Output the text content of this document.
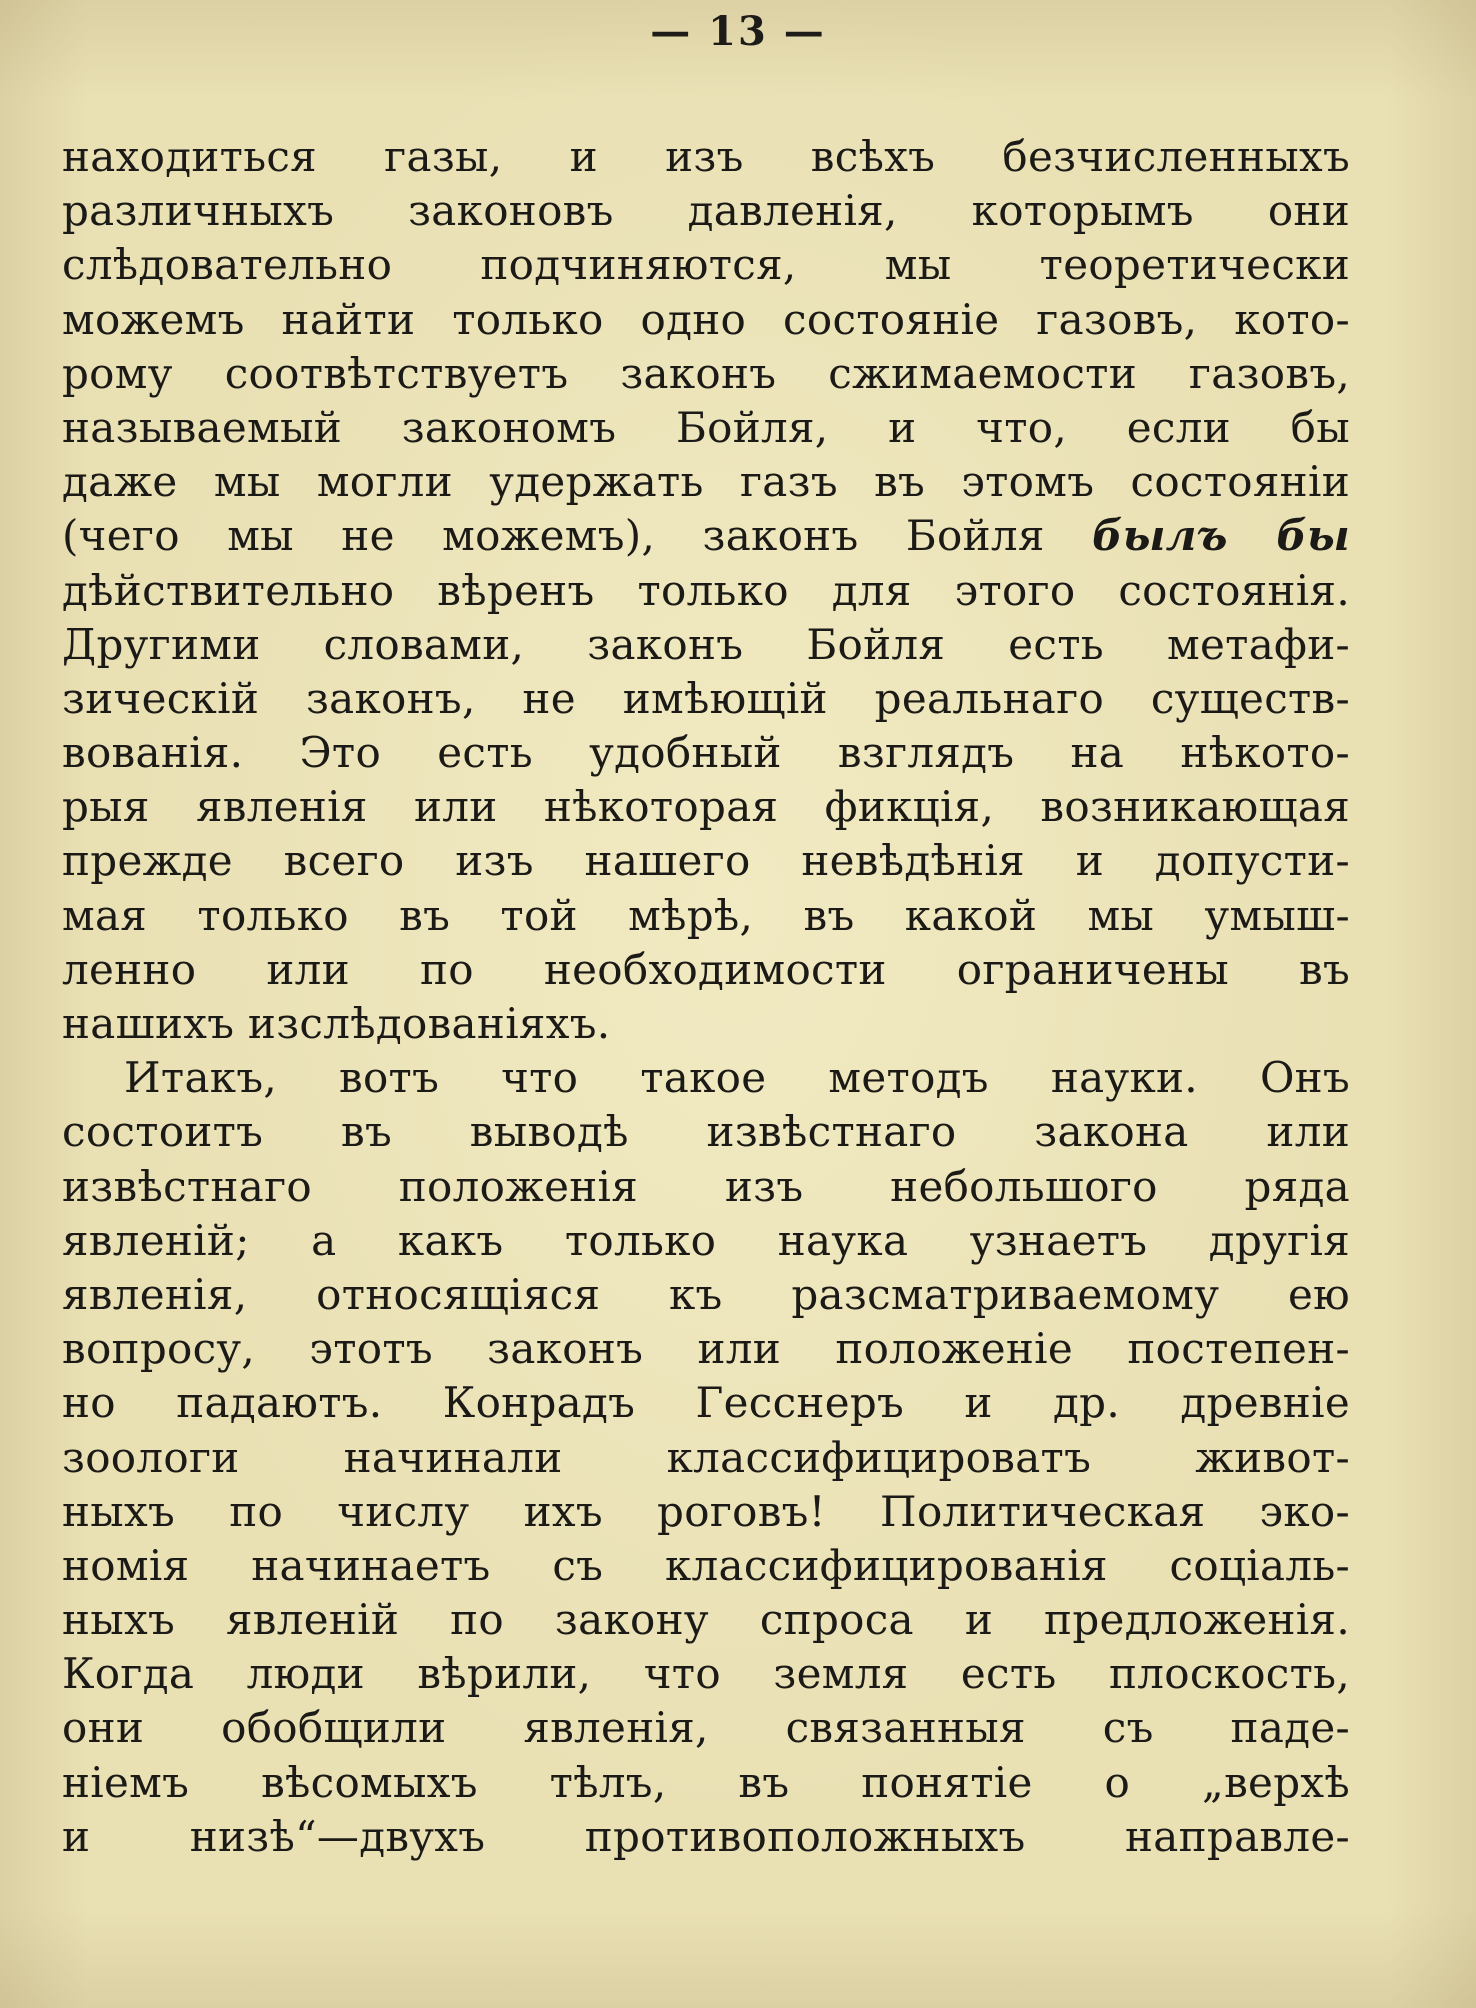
— 13 —
находиться газы, и изъ всѣхъ безчисленныхъ
различныхъ законовъ давленія, которымъ они
слѣдовательно подчиняются, мы теоретически
можемъ найти только одно состояніе газовъ, кото-
рому соотвѣтствуетъ законъ сжимаемости газовъ,
называемый закономъ Бойля, и что, если бы
даже мы могли удержать газъ въ этомъ состояніи
(чего мы не можемъ), законъ Бойля былъ бы
дѣйствительно вѣренъ только для этого состоянія.
Другими словами, законъ Бойля есть метафи-
зическій законъ, не имѣющій реальнаго существ-
вованія. Это есть удобный взглядъ на нѣкото-
рыя явленія или нѣкоторая фикція, возникающая
прежде всего изъ нашего невѣдѣнія и допусти-
мая только въ той мѣрѣ, въ какой мы умыш-
ленно или по необходимости ограничены въ
нашихъ изслѣдованіяхъ.
Итакъ, вотъ что такое методъ науки. Онъ
состоитъ въ выводѣ извѣстнаго закона или
извѣстнаго положенія изъ небольшого ряда
явленій; а какъ только наука узнаетъ другія
явленія, относящіяся къ разсматриваемому ею
вопросу, этотъ законъ или положеніе постепен-
но падаютъ. Конрадъ Гесснеръ и др. древніе
зоологи начинали классифицироватъ живот-
ныхъ по числу ихъ роговъ! Политическая эко-
номія начинаетъ съ классифицированія соціаль-
ныхъ явленій по закону спроса и предложенія.
Когда люди вѣрили, что земля есть плоскость,
они обобщили явленія, связанныя съ паде-
ніемъ вѣсомыхъ тѣлъ, въ понятіе о „верхѣ
и низѣ“—двухъ противоположныхъ направле-
